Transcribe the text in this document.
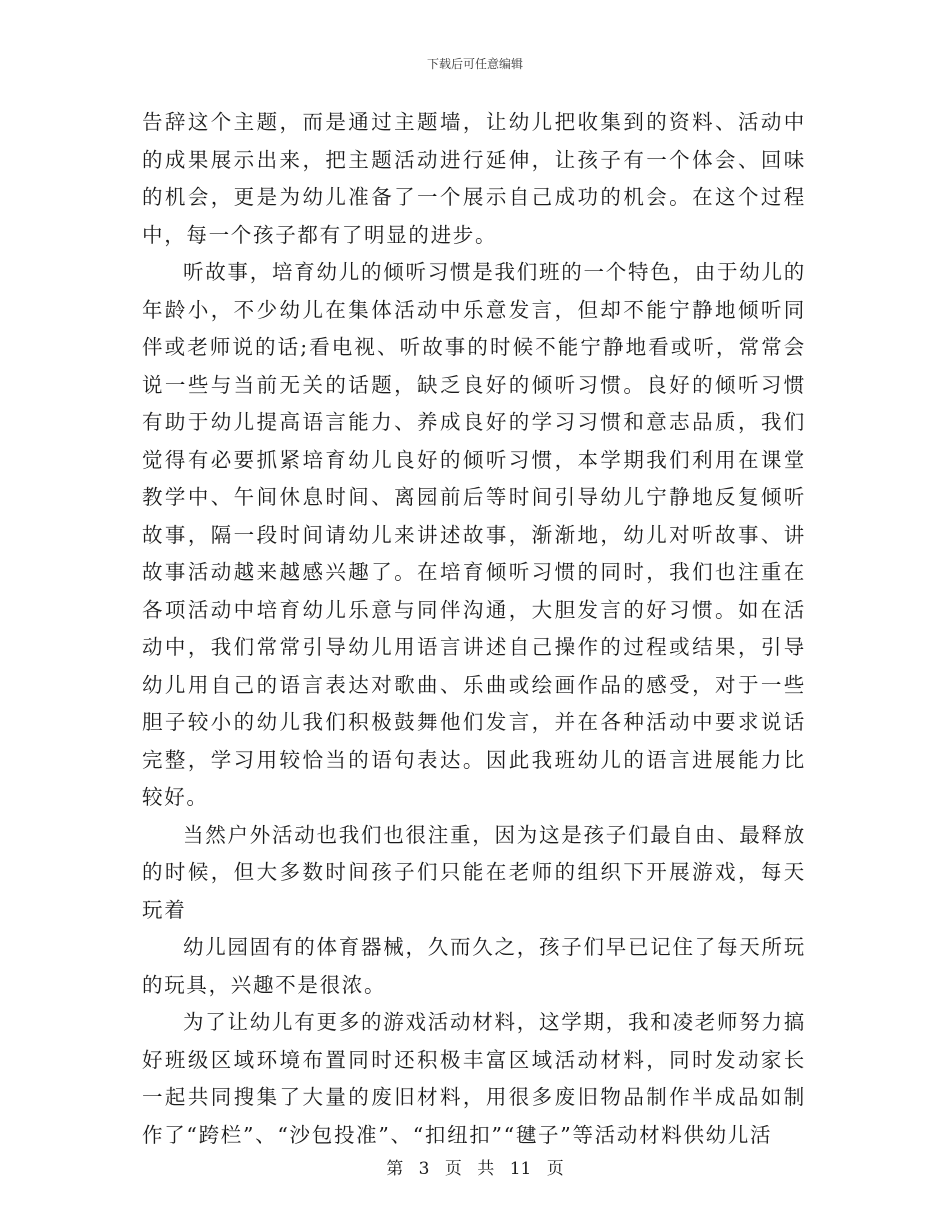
下载后可任意编辑

告辞这个主题，而是通过主题墙，让幼儿把收集到的资料、活动中的成果展示出来，把主题活动进行延伸，让孩子有一个体会、回味的机会，更是为幼儿准备了一个展示自己成功的机会。在这个过程中，每一个孩子都有了明显的进步。

听故事，培育幼儿的倾听习惯是我们班的一个特色，由于幼儿的年龄小，不少幼儿在集体活动中乐意发言，但却不能宁静地倾听同伴或老师说的话;看电视、听故事的时候不能宁静地看或听，常常会说一些与当前无关的话题，缺乏良好的倾听习惯。良好的倾听习惯有助于幼儿提高语言能力、养成良好的学习习惯和意志品质，我们觉得有必要抓紧培育幼儿良好的倾听习惯，本学期我们利用在课堂教学中、午间休息时间、离园前后等时间引导幼儿宁静地反复倾听故事，隔一段时间请幼儿来讲述故事，渐渐地，幼儿对听故事、讲故事活动越来越感兴趣了。在培育倾听习惯的同时，我们也注重在各项活动中培育幼儿乐意与同伴沟通，大胆发言的好习惯。如在活动中，我们常常引导幼儿用语言讲述自己操作的过程或结果，引导幼儿用自己的语言表达对歌曲、乐曲或绘画作品的感受，对于一些胆子较小的幼儿我们积极鼓舞他们发言，并在各种活动中要求说话完整，学习用较恰当的语句表达。因此我班幼儿的语言进展能力比较好。

当然户外活动也我们也很注重，因为这是孩子们最自由、最释放的时候，但大多数时间孩子们只能在老师的组织下开展游戏，每天玩着

幼儿园固有的体育器械，久而久之，孩子们早已记住了每天所玩的玩具，兴趣不是很浓。

为了让幼儿有更多的游戏活动材料，这学期，我和凌老师努力搞好班级区域环境布置同时还积极丰富区域活动材料，同时发动家长一起共同搜集了大量的废旧材料，用很多废旧物品制作半成品如制作了“跨栏”、“沙包投准”、“扣纽扣”“毽子”等活动材料供幼儿活

第 3 页 共 11 页
